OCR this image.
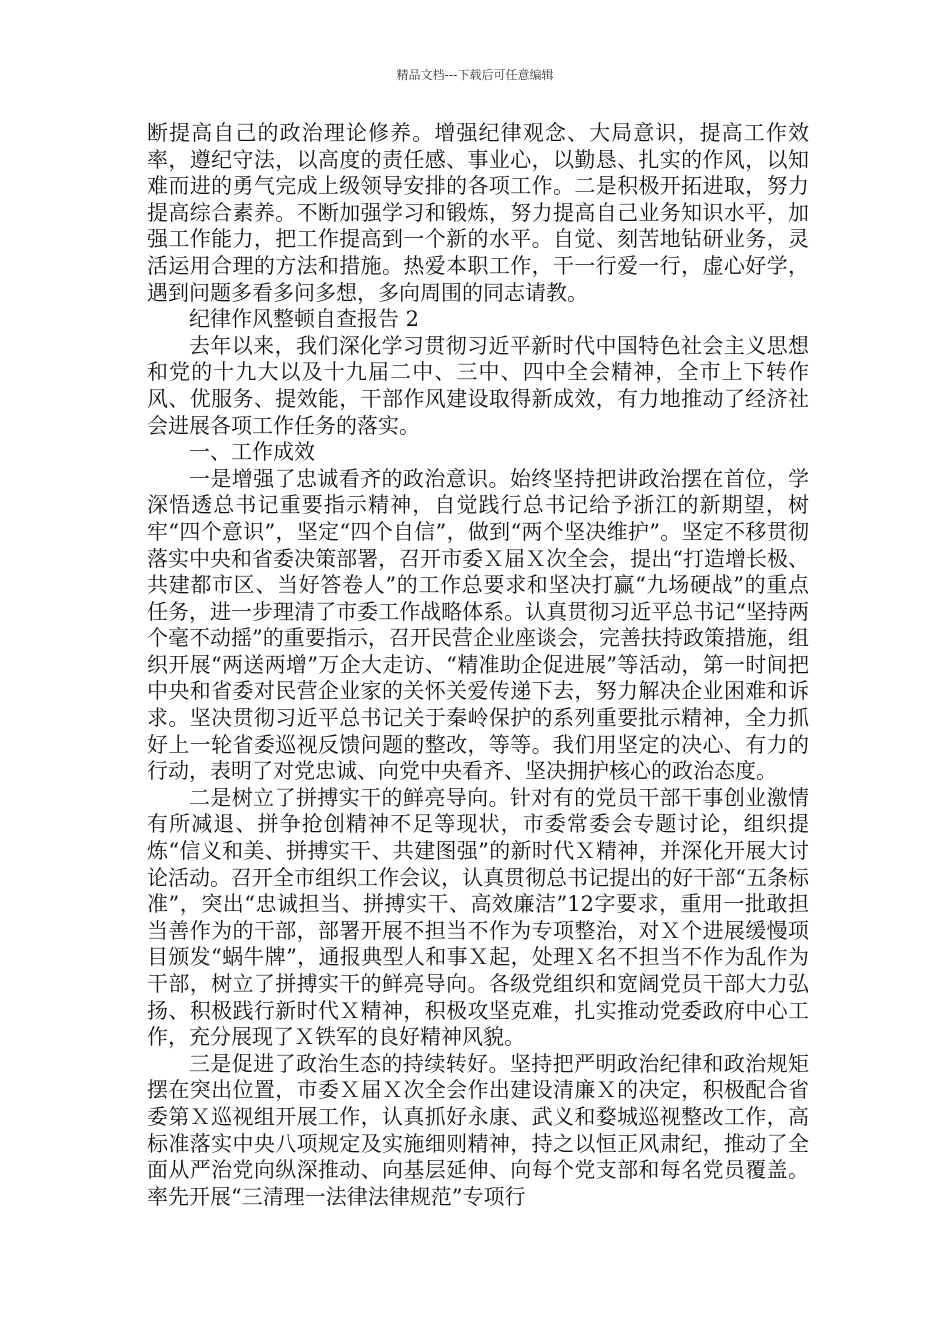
精品文档---下载后可任意编辑

断提高自己的政治理论修养。增强纪律观念、大局意识，提高工作效率，遵纪守法，以高度的责任感、事业心，以勤恳、扎实的作风，以知难而进的勇气完成上级领导安排的各项工作。二是积极开拓进取，努力提高综合素养。不断加强学习和锻炼，努力提高自己业务知识水平，加强工作能力，把工作提高到一个新的水平。自觉、刻苦地钻研业务，灵活运用合理的方法和措施。热爱本职工作，干一行爱一行，虚心好学，遇到问题多看多问多想，多向周围的同志请教。

纪律作风整顿自查报告 2

去年以来，我们深化学习贯彻习近平新时代中国特色社会主义思想和党的十九大以及十九届二中、三中、四中全会精神，全市上下转作风、优服务、提效能，干部作风建设取得新成效，有力地推动了经济社会进展各项工作任务的落实。

一、工作成效

一是增强了忠诚看齐的政治意识。始终坚持把讲政治摆在首位，学深悟透总书记重要指示精神，自觉践行总书记给予浙江的新期望，树牢“四个意识”，坚定“四个自信”，做到“两个坚决维护”。坚定不移贯彻落实中央和省委决策部署，召开市委Ｘ届Ｘ次全会，提出“打造增长极、共建都市区、当好答卷人”的工作总要求和坚决打赢“九场硬战”的重点任务，进一步理清了市委工作战略体系。认真贯彻习近平总书记“坚持两个毫不动摇”的重要指示，召开民营企业座谈会，完善扶持政策措施，组织开展“两送两增”万企大走访、“精准助企促进展”等活动，第一时间把中央和省委对民营企业家的关怀关爱传递下去，努力解决企业困难和诉求。坚决贯彻习近平总书记关于秦岭保护的系列重要批示精神，全力抓好上一轮省委巡视反馈问题的整改，等等。我们用坚定的决心、有力的行动，表明了对党忠诚、向党中央看齐、坚决拥护核心的政治态度。

二是树立了拼搏实干的鲜亮导向。针对有的党员干部干事创业激情有所减退、拼争抢创精神不足等现状，市委常委会专题讨论，组织提炼“信义和美、拼搏实干、共建图强”的新时代Ｘ精神，并深化开展大讨论活动。召开全市组织工作会议，认真贯彻总书记提出的好干部“五条标准”，突出“忠诚担当、拼搏实干、高效廉洁”12字要求，重用一批敢担当善作为的干部，部署开展不担当不作为专项整治，对Ｘ个进展缓慢项目颁发“蜗牛牌”，通报典型人和事Ｘ起，处理Ｘ名不担当不作为乱作为干部，树立了拼搏实干的鲜亮导向。各级党组织和宽阔党员干部大力弘扬、积极践行新时代Ｘ精神，积极攻坚克难，扎实推动党委政府中心工作，充分展现了Ｘ铁军的良好精神风貌。

三是促进了政治生态的持续转好。坚持把严明政治纪律和政治规矩摆在突出位置，市委Ｘ届Ｘ次全会作出建设清廉Ｘ的决定，积极配合省委第Ｘ巡视组开展工作，认真抓好永康、武义和婺城巡视整改工作，高标准落实中央八项规定及实施细则精神，持之以恒正风肃纪，推动了全面从严治党向纵深推动、向基层延伸、向每个党支部和每名党员覆盖。率先开展“三清理一法律法律规范”专项行
